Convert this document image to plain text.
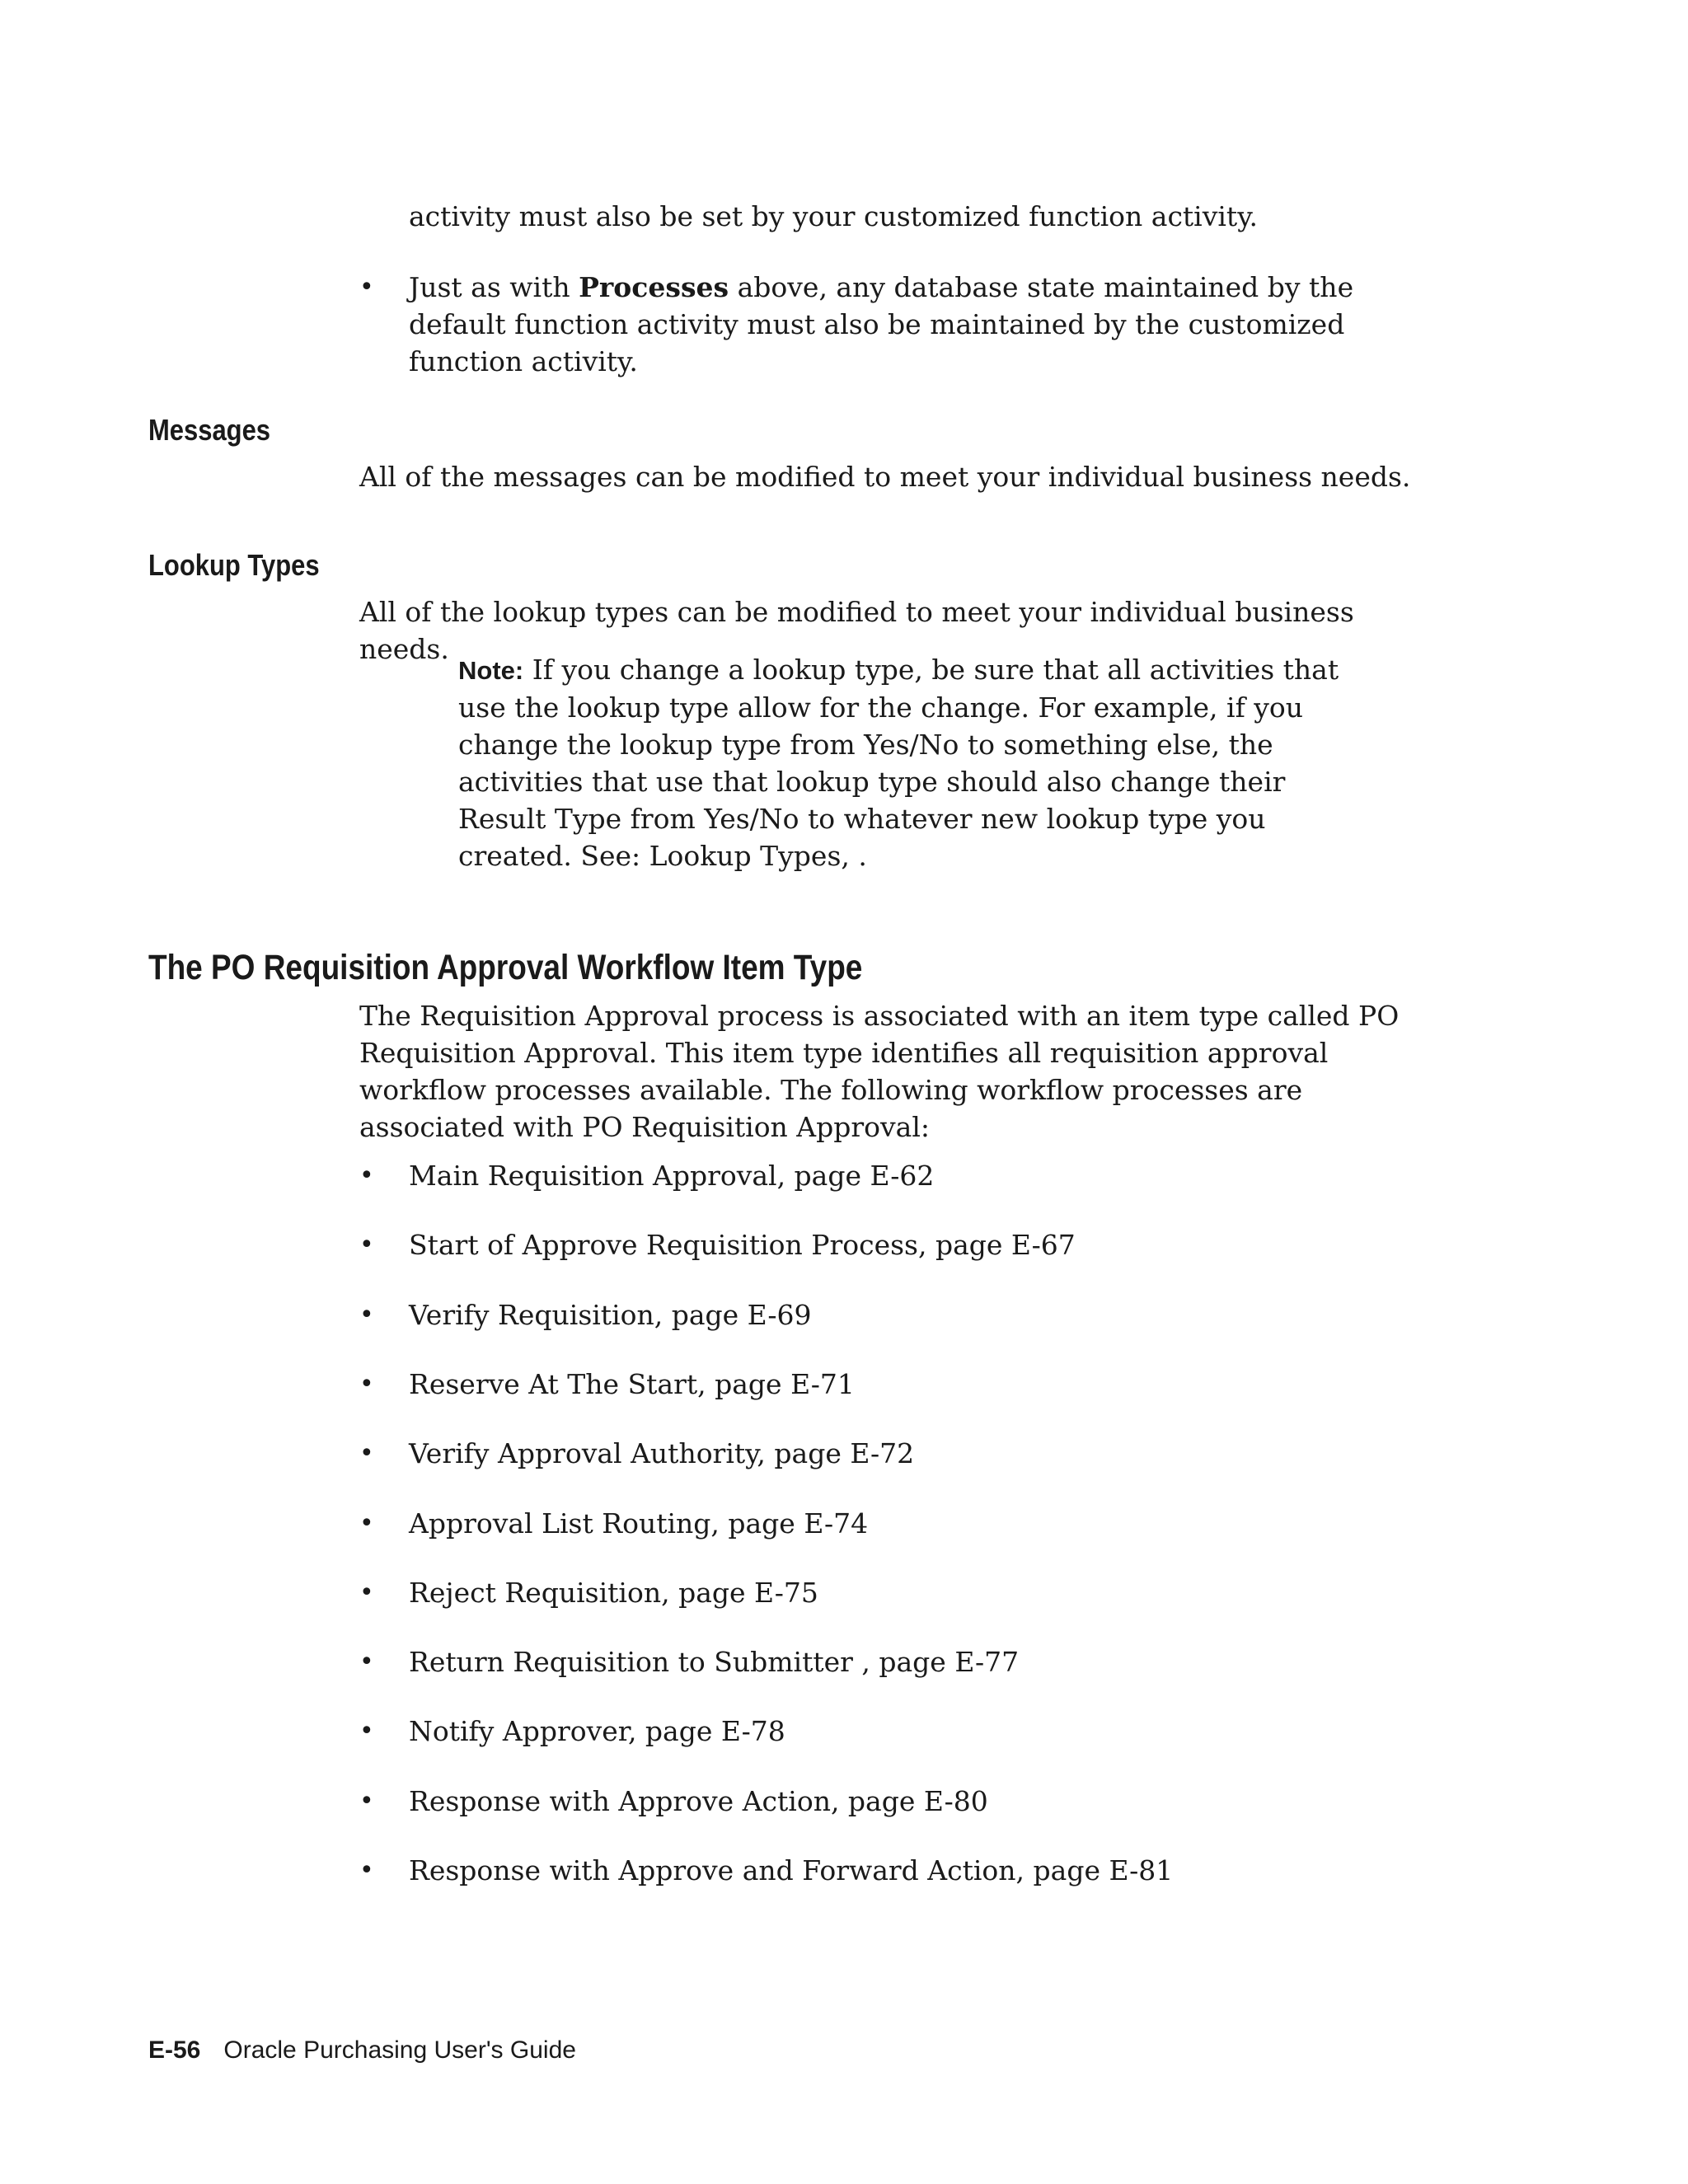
activity must also be set by your customized function activity.
• Just as with Processes above, any database state maintained by the default function activity must also be maintained by the customized function activity.
Messages
All of the messages can be modified to meet your individual business needs.
Lookup Types
All of the lookup types can be modified to meet your individual business needs.
Note: If you change a lookup type, be sure that all activities that use the lookup type allow for the change. For example, if you change the lookup type from Yes/No to something else, the activities that use that lookup type should also change their Result Type from Yes/No to whatever new lookup type you created. See: Lookup Types, .
The PO Requisition Approval Workflow Item Type
The Requisition Approval process is associated with an item type called PO Requisition Approval. This item type identifies all requisition approval workflow processes available. The following workflow processes are associated with PO Requisition Approval:
• Main Requisition Approval, page E-62
• Start of Approve Requisition Process, page E-67
• Verify Requisition, page E-69
• Reserve At The Start, page E-71
• Verify Approval Authority, page E-72
• Approval List Routing, page E-74
• Reject Requisition, page E-75
• Return Requisition to Submitter , page E-77
• Notify Approver, page E-78
• Response with Approve Action, page E-80
• Response with Approve and Forward Action, page E-81
E-56 Oracle Purchasing User's Guide
